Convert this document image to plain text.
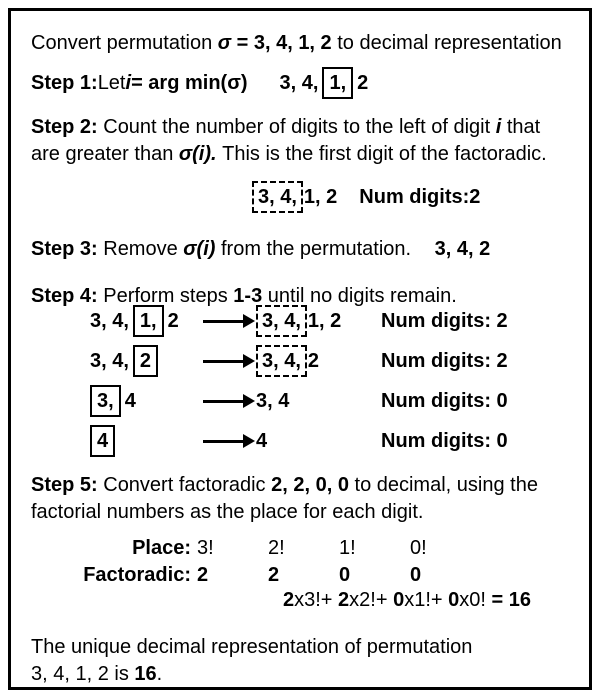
Convert permutation σ = 3, 4, 1, 2 to decimal representation
Step 1: Let i = arg min(σ) 3, 4, 1, 2
Step 2: Count the number of digits to the left of digit i that
are greater than σ(i). This is the first digit of the factoradic.
3, 4, 1, 2 Num digits: 2
Step 3: Remove σ(i) from the permutation. 3, 4, 2
Step 4: Perform steps 1-3 until no digits remain.
3, 4, 1, 2	3, 4, 1, 2 Num digits: 2
3, 4, 2	3, 4, 2	Num digits: 2
3, 4	3, 4	Num digits: 0
4	4	Num digits: 0
Step 5: Convert factoradic 2, 2, 0, 0 to decimal, using the
factorial numbers as the place for each digit.
Place: 3!	2!	1!	0!
Factoradic: 2	2	0	0
2x3!+ 2x2!+ 0x1!+ 0x0! = 16
The unique decimal representation of permutation
3, 4, 1, 2 is 16.
